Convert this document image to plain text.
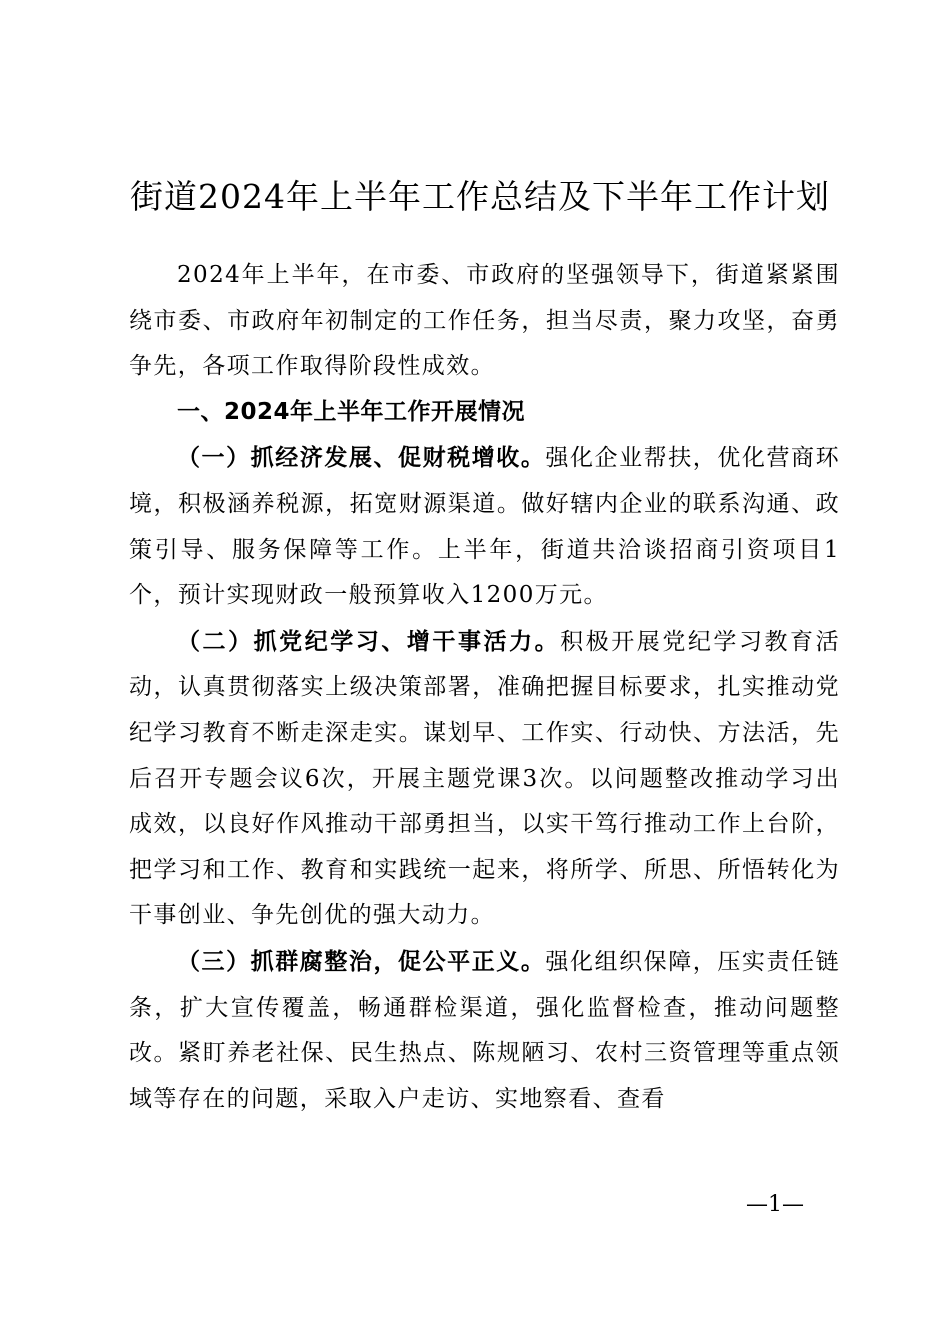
街道2024年上半年工作总结及下半年工作计划

2024年上半年，在市委、市政府的坚强领导下，街道紧紧围绕市委、市政府年初制定的工作任务，担当尽责，聚力攻坚，奋勇争先，各项工作取得阶段性成效。

一、2024年上半年工作开展情况

（一）抓经济发展、促财税增收。强化企业帮扶，优化营商环境，积极涵养税源，拓宽财源渠道。做好辖内企业的联系沟通、政策引导、服务保障等工作。上半年，街道共洽谈招商引资项目1个，预计实现财政一般预算收入1200万元。

（二）抓党纪学习、增干事活力。积极开展党纪学习教育活动，认真贯彻落实上级决策部署，准确把握目标要求，扎实推动党纪学习教育不断走深走实。谋划早、工作实、行动快、方法活，先后召开专题会议6次，开展主题党课3次。以问题整改推动学习出成效，以良好作风推动干部勇担当，以实干笃行推动工作上台阶，把学习和工作、教育和实践统一起来，将所学、所思、所悟转化为干事创业、争先创优的强大动力。

（三）抓群腐整治，促公平正义。强化组织保障，压实责任链条，扩大宣传覆盖，畅通群检渠道，强化监督检查，推动问题整改。紧盯养老社保、民生热点、陈规陋习、农村三资管理等重点领域等存在的问题，采取入户走访、实地察看、查看

—1—
